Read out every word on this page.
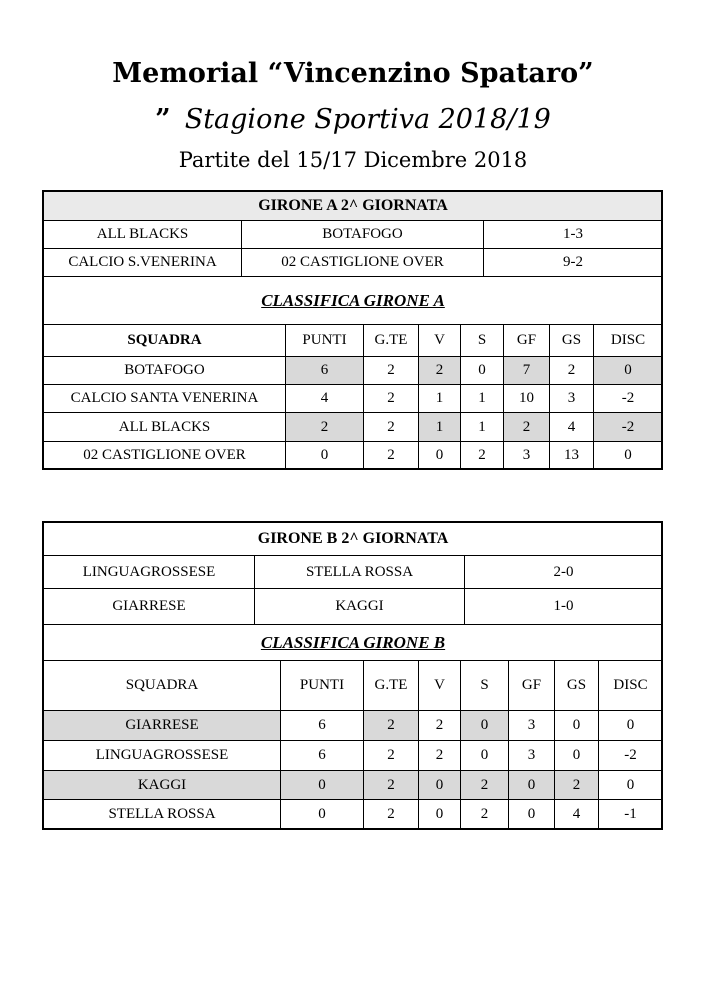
Memorial “Vincenzino Spataro”
” Stagione Sportiva 2018/19
Partite del 15/17 Dicembre 2018
GIRONE A 2^ GIORNATA		
ALL BLACKS	BOTAFOGO	1-3
CALCIO S.VENERINA	02 CASTIGLIONE OVER	9-2
CLASSIFICA GIRONE A		
SQUADRA	PUNTI	G.TE	V	S	GF	GS	DISC
BOTAFOGO	6	2	2	0	7	2	0
CALCIO SANTA VENERINA	4	2	1	1	10	3	-2
ALL BLACKS	2	2	1	1	2	4	-2
02 CASTIGLIONE OVER	0	2	0	2	3	13	0
GIRONE B 2^ GIORNATA		
LINGUAGROSSESE	STELLA ROSSA	2-0
GIARRESE	KAGGI	1-0
CLASSIFICA GIRONE B		
SQUADRA	PUNTI	G.TE	V	S	GF	GS	DISC
GIARRESE	6	2	2	0	3	0	0
LINGUAGROSSESE	6	2	2	0	3	0	-2
KAGGI	0	2	0	2	0	2	0
STELLA ROSSA	0	2	0	2	0	4	-1
